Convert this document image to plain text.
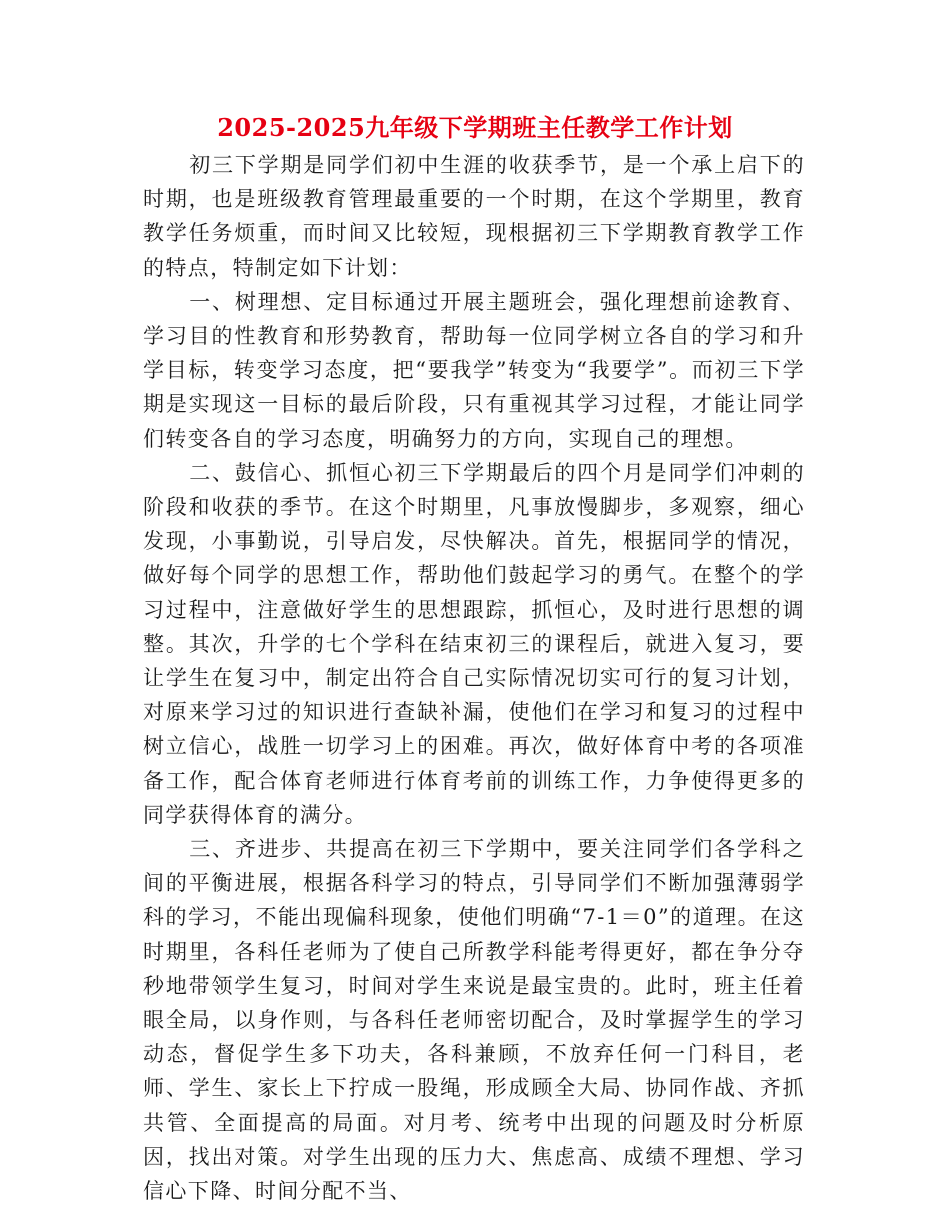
2025-2025九年级下学期班主任教学工作计划

初三下学期是同学们初中生涯的收获季节，是一个承上启下的时期，也是班级教育管理最重要的一个时期，在这个学期里，教育教学任务烦重，而时间又比较短，现根据初三下学期教育教学工作的特点，特制定如下计划：

一、树理想、定目标通过开展主题班会，强化理想前途教育、学习目的性教育和形势教育，帮助每一位同学树立各自的学习和升学目标，转变学习态度，把“要我学”转变为“我要学”。而初三下学期是实现这一目标的最后阶段，只有重视其学习过程，才能让同学们转变各自的学习态度，明确努力的方向，实现自己的理想。

二、鼓信心、抓恒心初三下学期最后的四个月是同学们冲刺的阶段和收获的季节。在这个时期里，凡事放慢脚步，多观察，细心发现，小事勤说，引导启发，尽快解决。首先，根据同学的情况，做好每个同学的思想工作，帮助他们鼓起学习的勇气。在整个的学习过程中，注意做好学生的思想跟踪，抓恒心，及时进行思想的调整。其次，升学的七个学科在结束初三的课程后，就进入复习，要让学生在复习中，制定出符合自己实际情况切实可行的复习计划，对原来学习过的知识进行查缺补漏，使他们在学习和复习的过程中树立信心，战胜一切学习上的困难。再次，做好体育中考的各项准备工作，配合体育老师进行体育考前的训练工作，力争使得更多的同学获得体育的满分。

三、齐进步、共提高在初三下学期中，要关注同学们各学科之间的平衡进展，根据各科学习的特点，引导同学们不断加强薄弱学科的学习，不能出现偏科现象，使他们明确“7-1＝0”的道理。在这时期里，各科任老师为了使自己所教学科能考得更好，都在争分夺秒地带领学生复习，时间对学生来说是最宝贵的。此时，班主任着眼全局，以身作则，与各科任老师密切配合，及时掌握学生的学习动态，督促学生多下功夫，各科兼顾，不放弃任何一门科目，老师、学生、家长上下拧成一股绳，形成顾全大局、协同作战、齐抓共管、全面提高的局面。对月考、统考中出现的问题及时分析原因，找出对策。对学生出现的压力大、焦虑高、成绩不理想、学习信心下降、时间分配不当、
